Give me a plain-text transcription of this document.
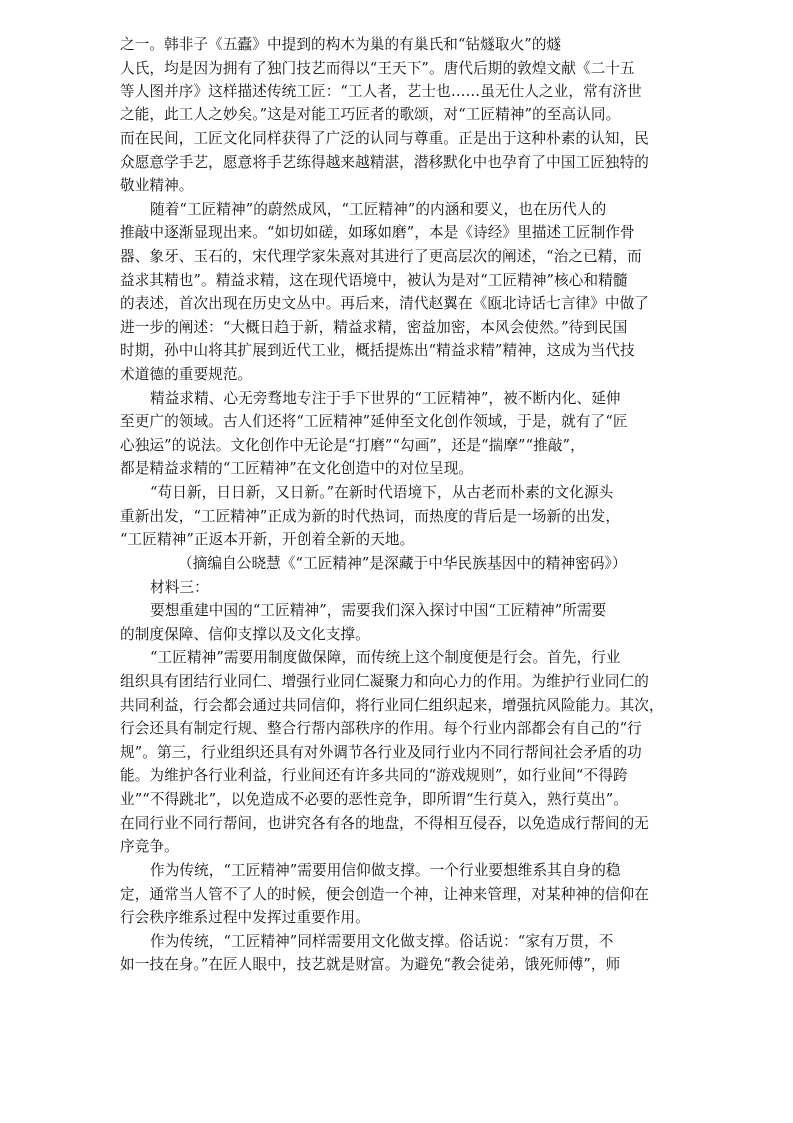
之一。韩非子《五蠹》中提到的构木为巢的有巢氏和“钻燧取火”的燧
人氏，均是因为拥有了独门技艺而得以“王天下”。唐代后期的敦煌文献《二十五
等人图并序》这样描述传统工匠：“工人者，艺士也……虽无仕人之业，常有济世
之能，此工人之妙矣。”这是对能工巧匠者的歌颂，对“工匠精神”的至高认同。
而在民间，工匠文化同样获得了广泛的认同与尊重。正是出于这种朴素的认知，民
众愿意学手艺，愿意将手艺练得越来越精湛，潜移默化中也孕育了中国工匠独特的
敬业精神。
随着“工匠精神”的蔚然成风，“工匠精神”的内涵和要义，也在历代人的
推敲中逐渐显现出来。“如切如磋，如琢如磨”，本是《诗经》里描述工匠制作骨
器、象牙、玉石的，宋代理学家朱熹对其进行了更高层次的阐述，“治之已精，而
益求其精也”。精益求精，这在现代语境中，被认为是对“工匠精神”核心和精髓
的表述，首次出现在历史文丛中。再后来，清代赵翼在《瓯北诗话七言律》中做了
进一步的阐述：“大概日趋于新，精益求精，密益加密，本风会使然。”待到民国
时期，孙中山将其扩展到近代工业，概括提炼出“精益求精”精神，这成为当代技
术道德的重要规范。
精益求精、心无旁骛地专注于手下世界的“工匠精神”，被不断内化、延伸
至更广的领域。古人们还将“工匠精神”延伸至文化创作领域，于是，就有了“匠
心独运”的说法。文化创作中无论是“打磨”“勾画”，还是“揣摩”“推敲”，
都是精益求精的“工匠精神”在文化创造中的对位呈现。
“苟日新，日日新，又日新。”在新时代语境下，从古老而朴素的文化源头
重新出发，“工匠精神”正成为新的时代热词，而热度的背后是一场新的出发，
“工匠精神”正返本开新，开创着全新的天地。
（摘编自公晓慧《“工匠精神”是深藏于中华民族基因中的精神密码》）
材料三：
要想重建中国的“工匠精神”，需要我们深入探讨中国“工匠精神”所需要
的制度保障、信仰支撑以及文化支撑。
“工匠精神”需要用制度做保障，而传统上这个制度便是行会。首先，行业
组织具有团结行业同仁、增强行业同仁凝聚力和向心力的作用。为维护行业同仁的
共同利益，行会都会通过共同信仰，将行业同仁组织起来，增强抗风险能力。其次，
行会还具有制定行规、整合行帮内部秩序的作用。每个行业内部都会有自己的“行
规”。第三，行业组织还具有对外调节各行业及同行业内不同行帮间社会矛盾的功
能。为维护各行业利益，行业间还有许多共同的“游戏规则”，如行业间“不得跨
业”“不得跳北”，以免造成不必要的恶性竞争，即所谓“生行莫入，熟行莫出”。
在同行业不同行帮间，也讲究各有各的地盘，不得相互侵吞，以免造成行帮间的无
序竞争。
作为传统，“工匠精神”需要用信仰做支撑。一个行业要想维系其自身的稳
定，通常当人管不了人的时候，便会创造一个神，让神来管理，对某种神的信仰在
行会秩序维系过程中发挥过重要作用。
作为传统，“工匠精神”同样需要用文化做支撑。俗话说：“家有万贯，不
如一技在身。”在匠人眼中，技艺就是财富。为避免“教会徒弟，饿死师傅”，师
